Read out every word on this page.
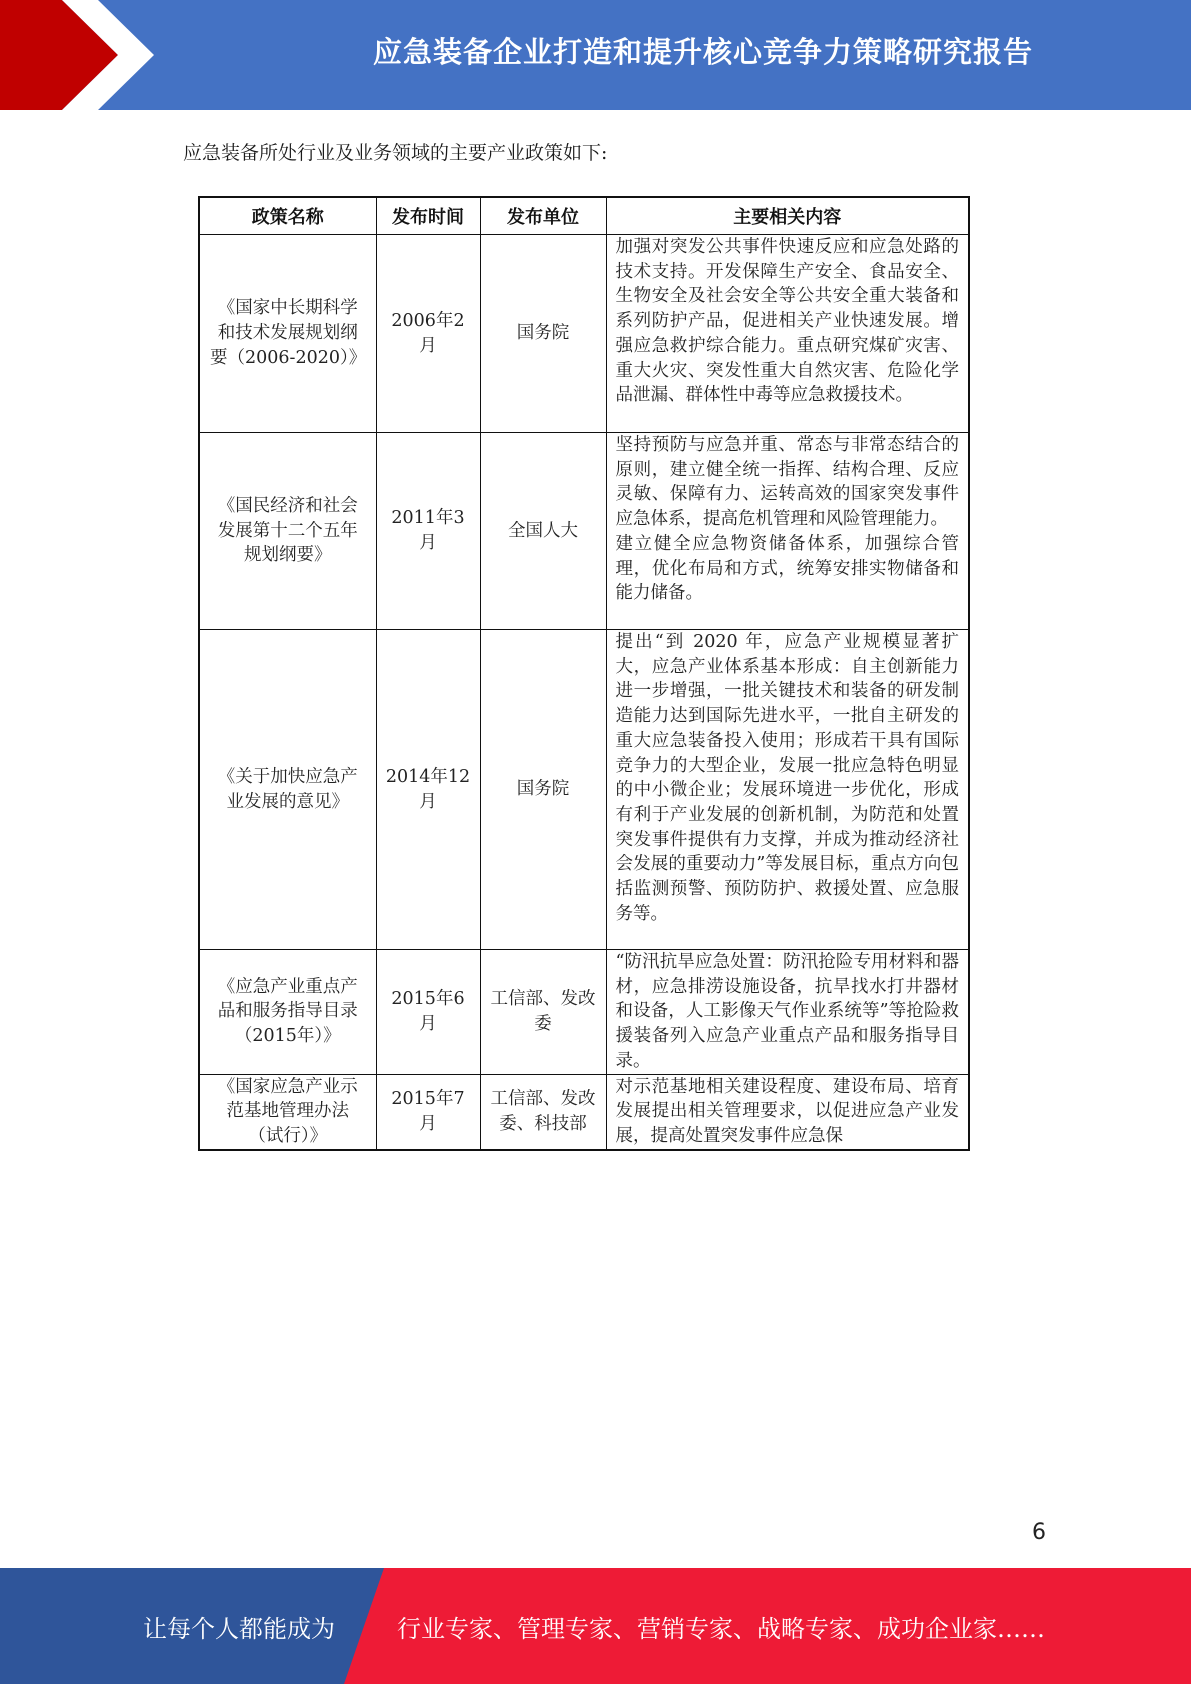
应急装备企业打造和提升核心竞争力策略研究报告
应急装备所处行业及业务领域的主要产业政策如下:
政策名称	发布时间	发布单位	主要相关内容
《国家中长期科学和技术发展规划纲要（2006-2020）》	2006年2月	国务院	加强对突发公共事件快速反应和应急处路的技术支持。开发保障生产安全、食品安全、生物安全及社会安全等公共安全重大装备和系列防护产品，促进相关产业快速发展。增强应急救护综合能力。重点研究煤矿灾害、重大火灾、突发性重大自然灾害、危险化学品泄漏、群体性中毒等应急救援技术。

《国民经济和社会发展第十二个五年规划纲要》	2011年3月	全国人大	坚持预防与应急并重、常态与非常态结合的原则，建立健全统一指挥、结构合理、反应灵敏、保障有力、运转高效的国家突发事件应急体系，提高危机管理和风险管理能力。

建立健全应急物资储备体系，加强综合管理，优化布局和方式，统筹安排实物储备和能力储备。

《关于加快应急产业发展的意见》	2014年12月	国务院	提出“到 2020 年，应急产业规模显著扩大，应急产业体系基本形成：自主创新能力进一步增强，一批关键技术和装备的研发制造能力达到国际先进水平，一批自主研发的重大应急装备投入使用；形成若干具有国际竞争力的大型企业，发展一批应急特色明显的中小微企业；发展环境进一步优化，形成有利于产业发展的创新机制，为防范和处置突发事件提供有力支撑，并成为推动经济社会发展的重要动力”等发展目标，重点方向包括监测预警、预防防护、救援处置、应急服务等。

《应急产业重点产品和服务指导目录（2015年）》	2015年6月	工信部、发改委	“防汛抗旱应急处置：防汛抢险专用材料和器材，应急排涝设施设备，抗旱找水打井器材和设备，人工影像天气作业系统等”等抢险救援装备列入应急产业重点产品和服务指导目录。

《国家应急产业示范基地管理办法（试行）》	2015年7月	工信部、发改委、科技部	对示范基地相关建设程度、建设布局、培育发展提出相关管理要求，以促进应急产业发展，提高处置突发事件应急保

6
让每个人都能成为	行业专家、管理专家、营销专家、战略专家、成功企业家……
